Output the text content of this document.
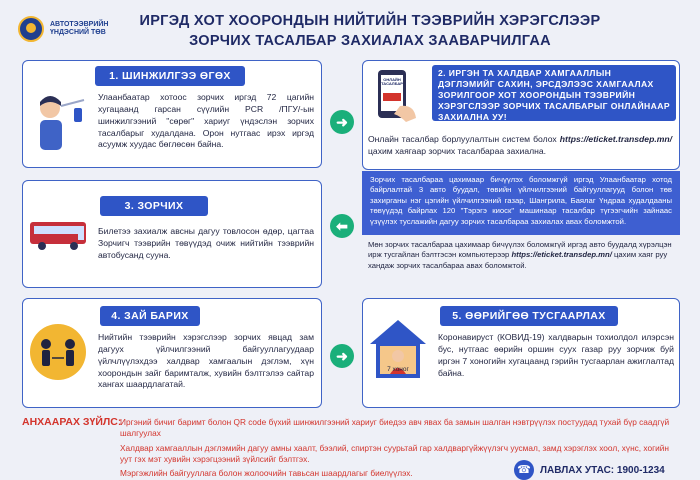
АВТОТЭЭВРИЙН
ҮНДЭСНИЙ ТӨВ
ИРГЭД ХОТ ХООРОНДЫН НИЙТИЙН ТЭЭВРИЙН ХЭРЭГСЛЭЭР
ЗОРЧИХ ТАСАЛБАР ЗАХИАЛАХ ЗААВАРЧИЛГАА
1. ШИНЖИЛГЭЭ ӨГӨХ
Улаанбаатар хотоос зорчих иргэд 72 цагийн хугацаанд гарсан сүүлийн PCR /ПГУ/-ын шинжилгээний "сөрөг" хариуг үндэслэн зорчих тасалбарыг худалдана. Орон нутгаас ирэх иргэд асуумж хуудас бөглөсөн байна.
➜
ОНЛАЙН ТАСАЛБАР
2. ИРГЭН ТА ХАЛДВАР ХАМГААЛЛЫН ДЭГЛЭМИЙГ САХИН, ЭРСДЭЛЭЭС ХАМГААЛАХ ЗОРИЛГООР ХОТ ХООРОНДЫН ТЭЭВРИЙН ХЭРЭГСЛЭЭР ЗОРЧИХ ТАСАЛБАРЫГ ОНЛАЙНААР ЗАХИАЛНА УУ!
Онлайн тасалбар борлуулалтын систем болох https://eticket.transdep.mn/ цахим хаягаар зорчих тасалбараа захиална.
Зорчих тасалбараа цахимаар бичүүлэх боломжгүй иргэд Улаанбаатар хотод байрлалтай 3 авто буудал, төвийн үйлчилгээний байгууллагууд болон төв захирганы нэг цэгийн үйлчилгээний газар, Шангрила, Баялаг Үндраа худалдааны төвүүдэд байрлах 120 "Тэрэгэ киоск" машинаар тасалбар түгээгчийн зайнаас үзүүлэх туслажийн дагуу зорчих тасалбараа захиалах авах боломжтой.
Мөн зорчих тасалбараа цахимаар бичүүлэх боломжгүй иргэд авто буудалд хүрэлцэн ирж тусгайлан бэлтгэсэн компьютерээр https://eticket.transdep.mn/ цахим хаяг руу хандаж зорчих тасалбараа авах боломжтой.
3. ЗОРЧИХ
Билетээ захиалж авсны дагуу товлосон өдөр, цагтаа Зорчигч тээврийн төвүүдэд очиж нийтийн тээврийн автобусанд сууна.
⬅
4. ЗАЙ БАРИХ
Нийтийн тээврийн хэрэгслээр зорчих явцад зам дагуух үйлчилгээний байгууллагуудаар үйлчлүүлэхдээ халдвар хамгаалын дэглэм, хүн хоорондын зайг баримталж, хувийн бэлтгэлээ сайтар хангах шаардлагатай.
➜
5. ӨӨРИЙГӨӨ ТУСГААРЛАХ
7 хоног
Коронавируст (КОВИД-19) халдварын тохиолдол илэрсэн бус, нутгаас өөрийн оршин суух газар руу зорчиж буй иргэн 7 хоногийн хугацаанд гэрийн тусгаарлан ажиглалтад байна.
АНХААРАХ ЗҮЙЛС:
Иргэний бичиг баримт болон QR code бүхий шинжилгээний хариуг биедээ авч явах ба замын шалган нэвтрүүлэх постуудад тухай бүр саадгүй шалгуулах
Халдвар хамгааллын дэглэмийн дагуу амны хаалт, бээлий, спиртэн суурьтай гар халдваргүйжүүлэгч уусмал, замд хэрэглэх хоол, хүнс, хогийн уут гэх мэт хувийн хэрэгцээний зүйлсийг бэлтгэх.
Мэргэжлийн байгууллага болон жолоочийн тавьсан шаардлагыг биелүүлэх.	☎ ЛАВЛАХ УТАС: 1900-1234
